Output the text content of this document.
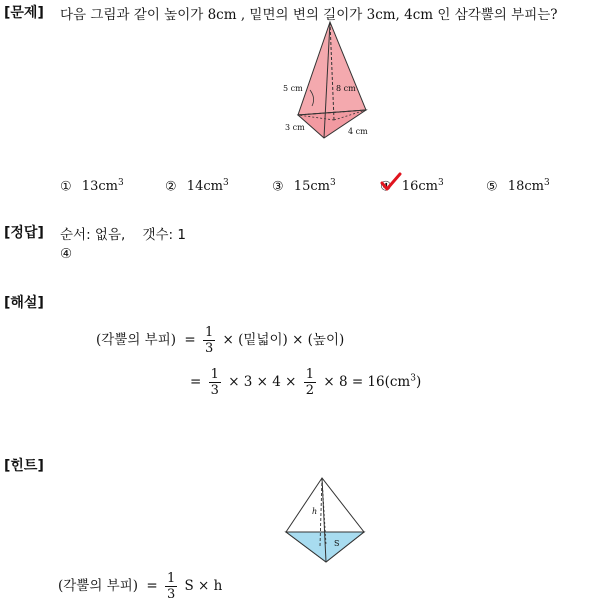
[문제] 다음 그림과 같이 높이가 8cm , 밑면의 변의 길이가 3cm, 4cm 인 삼각뿔의 부피는?
5 cm	8 cm
3 cm	4 cm
① $13cm^3$	② $14cm^3$	③ $15cm^3$	④ $16cm^3$	⑤ $18cm^3$
[정답] 순서: 없음,    갯수: 1
④
[해설]
(각뿔의 부피) = $\frac{1}{3}$ × (밑넓이) × (높이)
= $\frac{1}{3} \times 3 \times 4 \times \frac{1}{2} \times 8 = 16(cm^3)$
[힌트]
h
S
(각뿔의 부피) = $\frac{1}{3}$ S × h
